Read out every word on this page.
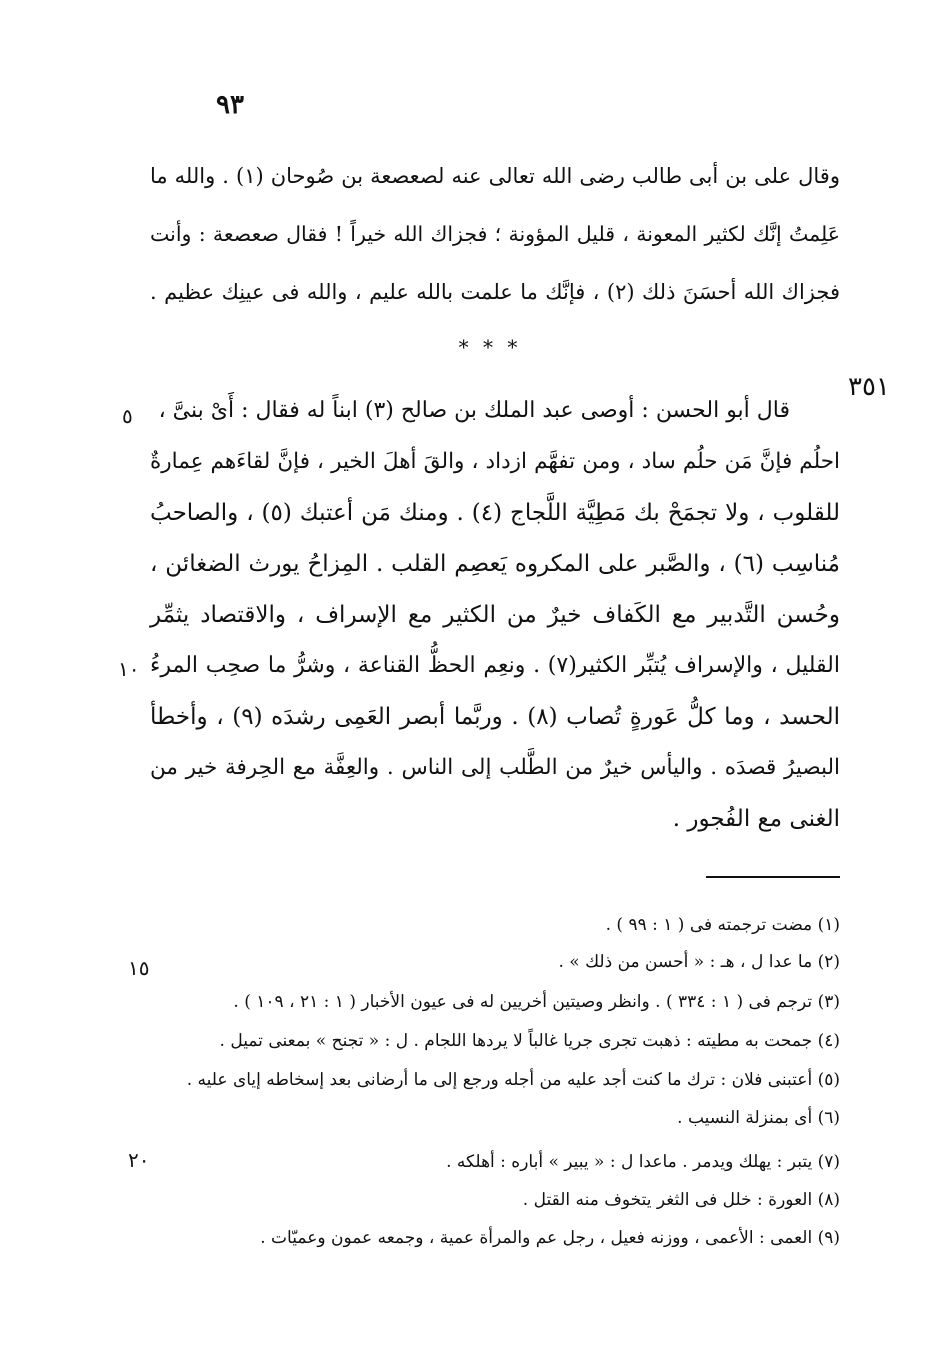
٩٣
وقال على بن أبى طالب رضى الله تعالى عنه لصعصعة بن صُوحان (١) . والله ما
عَلِمتُ إنَّك لكثير المعونة ، قليل المؤونة ؛ فجزاك الله خيراً ! فقال صعصعة : وأنت
فجزاك الله أحسَنَ ذلك (٢) ، فإنَّك ما علمت بالله عليم ، والله فى عينِك عظيم .
* * *
قال أبو الحسن : أوصى عبد الملك بن صالح (٣) ابناً له فقال : أَىْ بنىَّ ،
احلُم فإنَّ مَن حلُم ساد ، ومن تفهَّم ازداد ، والقَ أهلَ الخير ، فإنَّ لقاءَهم عِمارةٌ
للقلوب ، ولا تجمَحْ بك مَطِيَّة اللَّجاج (٤) . ومنك مَن أعتبك (٥) ، والصاحبُ
مُناسِب (٦) ، والصَّبر على المكروه يَعصِم القلب . المِزاحُ يورث الضغائن ،
وحُسن التَّدبير مع الكَفاف خيرٌ من الكثير مع الإسراف ، والاقتصاد يثمِّر
القليل ، والإسراف يُتبِّر الكثير(٧) . ونعِم الحظُّ القناعة ، وشرُّ ما صحِب المرءُ
الحسد ، وما كلُّ عَورةٍ تُصاب (٨) . وربَّما أبصر العَمِى رشدَه (٩) ، وأخطأ
البصيرُ قصدَه . واليأس خيرٌ من الطَّلب إلى الناس . والعِفَّة مع الحِرفة خير من
الغنى مع الفُجور .
٣٥١
٥
١٠
١٥
٢٠
(١) مضت ترجمته فى ( ١ : ٩٩ ) .
(٢) ما عدا ل ، هـ : « أحسن من ذلك » .
(٣) ترجم فى ( ١ : ٣٣٤ ) . وانظر وصيتين أخريين له فى عيون الأخبار ( ١ : ٢١ ، ١٠٩ ) .
(٤) جمحت به مطيته : ذهبت تجرى جريا غالباً لا يردها اللجام . ل : « تجنح » بمعنى تميل .
(٥) أعتبنى فلان : ترك ما كنت أجد عليه من أجله ورجع إلى ما أرضانى بعد إسخاطه إياى عليه .
(٦) أى بمنزلة النسيب .
(٧) يتبر : يهلك ويدمر . ماعدا ل : « يبير » أباره : أهلكه .
(٨) العورة : خلل فى الثغر يتخوف منه القتل .
(٩) العمى : الأعمى ، ووزنه فعيل ، رجل عم والمرأة عمية ، وجمعه عمون وعميّات .
